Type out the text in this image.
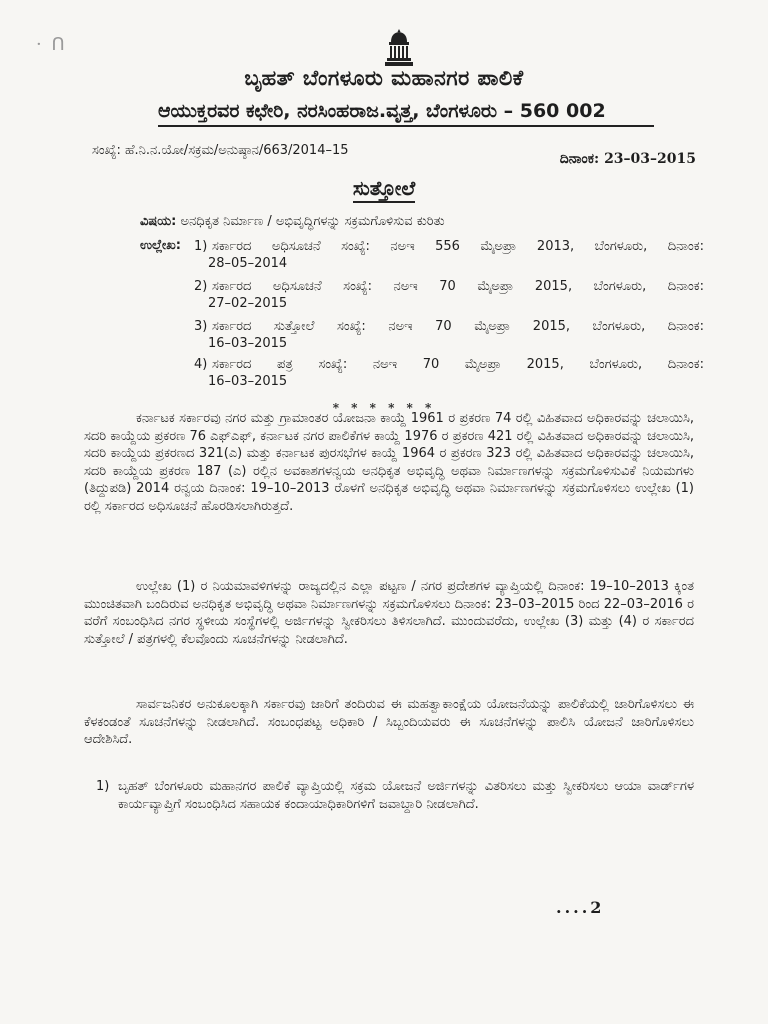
· ᑎ
ಬೃಹತ್ ಬೆಂಗಳೂರು ಮಹಾನಗರ ಪಾಲಿಕೆ
ಆಯುಕ್ತರವರ ಕಛೇರಿ, ನರಸಿಂಹರಾಜ.ವೃತ್ತ, ಬೆಂಗಳೂರು – 560 002
ಸಂಖ್ಯೆ: ಹೆ.ನಿ.ನ.ಯೋ/ಸಕ್ರಮ/ಅನುಷ್ಠಾನ/663/2014–15
ದಿನಾಂಕ: 23–03–2015
ಸುತ್ತೋಲೆ
ವಿಷಯ: ಅನಧಿಕೃತ ನಿರ್ಮಾಣ / ಅಭಿವೃದ್ಧಿಗಳನ್ನು ಸಕ್ರಮಗೊಳಿಸುವ ಕುರಿತು
ಉಲ್ಲೇಖ: 1) ಸರ್ಕಾರದ ಅಧಿಸೂಚನೆ ಸಂಖ್ಯೆ: ನಅಇ 556 ಮೈಅಪ್ರಾ 2013, ಬೆಂಗಳೂರು, ದಿನಾಂಕ:
28–05–2014
2) ಸರ್ಕಾರದ ಅಧಿಸೂಚನೆ ಸಂಖ್ಯೆ: ನಅಇ 70 ಮೈಅಪ್ರಾ 2015, ಬೆಂಗಳೂರು, ದಿನಾಂಕ:
27–02–2015
3) ಸರ್ಕಾರದ ಸುತ್ತೋಲೆ ಸಂಖ್ಯೆ: ನಅಇ 70 ಮೈಅಪ್ರಾ 2015, ಬೆಂಗಳೂರು, ದಿನಾಂಕ:
16–03–2015
4) ಸರ್ಕಾರದ ಪತ್ರ ಸಂಖ್ಯೆ: ನಅಇ 70 ಮೈಅಪ್ರಾ 2015, ಬೆಂಗಳೂರು, ದಿನಾಂಕ:
16–03–2015
* * * * * *

ಕರ್ನಾಟಕ ಸರ್ಕಾರವು ನಗರ ಮತ್ತು ಗ್ರಾಮಾಂತರ ಯೋಜನಾ ಕಾಯ್ದೆ 1961 ರ ಪ್ರಕರಣ 74 ರಲ್ಲಿ ವಿಹಿತವಾದ ಅಧಿಕಾರವನ್ನು ಚಲಾಯಿಸಿ, ಸದರಿ ಕಾಯ್ದೆಯ ಪ್ರಕರಣ 76 ಎಫ್‌ಎಫ್, ಕರ್ನಾಟಕ ನಗರ ಪಾಲಿಕೆಗಳ ಕಾಯ್ದೆ 1976 ರ ಪ್ರಕರಣ 421 ರಲ್ಲಿ ವಿಹಿತವಾದ ಅಧಿಕಾರವನ್ನು ಚಲಾಯಿಸಿ, ಸದರಿ ಕಾಯ್ದೆಯ ಪ್ರಕರಣದ 321(ಎ) ಮತ್ತು ಕರ್ನಾಟಕ ಪುರಸಭೆಗಳ ಕಾಯ್ದೆ 1964 ರ ಪ್ರಕರಣ 323 ರಲ್ಲಿ ವಿಹಿತವಾದ ಅಧಿಕಾರವನ್ನು ಚಲಾಯಿಸಿ, ಸದರಿ ಕಾಯ್ದೆಯ ಪ್ರಕರಣ 187 (ಎ) ರಲ್ಲಿನ ಅವಕಾಶಗಳನ್ವಯ ಅನಧಿಕೃತ ಅಭಿವೃದ್ಧಿ ಅಥವಾ ನಿರ್ಮಾಣಗಳನ್ನು ಸಕ್ರಮಗೊಳಿಸುವಿಕೆ ನಿಯಮಗಳು (ತಿದ್ದುಪಡಿ) 2014 ರನ್ವಯ ದಿನಾಂಕ: 19–10–2013 ರೊಳಗೆ ಅನಧಿಕೃತ ಅಭಿವೃದ್ಧಿ ಅಥವಾ ನಿರ್ಮಾಣಗಳನ್ನು ಸಕ್ರಮಗೊಳಿಸಲು ಉಲ್ಲೇಖ (1) ರಲ್ಲಿ ಸರ್ಕಾರದ ಅಧಿಸೂಚನೆ ಹೊರಡಿಸಲಾಗಿರುತ್ತದೆ.

ಉಲ್ಲೇಖ (1) ರ ನಿಯಮಾವಳಿಗಳನ್ನು ರಾಜ್ಯದಲ್ಲಿನ ಎಲ್ಲಾ ಪಟ್ಟಣ / ನಗರ ಪ್ರದೇಶಗಳ ವ್ಯಾಪ್ತಿಯಲ್ಲಿ ದಿನಾಂಕ: 19–10–2013 ಕ್ಕಿಂತ ಮುಂಚಿತವಾಗಿ ಬಂದಿರುವ ಅನಧಿಕೃತ ಅಭಿವೃದ್ಧಿ ಅಥವಾ ನಿರ್ಮಾಣಗಳನ್ನು ಸಕ್ರಮಗೊಳಿಸಲು ದಿನಾಂಕ: 23–03–2015 ರಿಂದ 22–03–2016 ರ ವರೆಗೆ ಸಂಬಂಧಿಸಿದ ನಗರ ಸ್ಥಳೀಯ ಸಂಸ್ಥೆಗಳಲ್ಲಿ ಅರ್ಜಿಗಳನ್ನು ಸ್ವೀಕರಿಸಲು ತಿಳಿಸಲಾಗಿದೆ. ಮುಂದುವರೆದು, ಉಲ್ಲೇಖ (3) ಮತ್ತು (4) ರ ಸರ್ಕಾರದ ಸುತ್ತೋಲೆ / ಪತ್ರಗಳಲ್ಲಿ ಕೆಲವೊಂದು ಸೂಚನೆಗಳನ್ನು ನೀಡಲಾಗಿದೆ.

ಸಾರ್ವಜನಿಕರ ಅನುಕೂಲಕ್ಕಾಗಿ ಸರ್ಕಾರವು ಜಾರಿಗೆ ತಂದಿರುವ ಈ ಮಹತ್ವಾಕಾಂಕ್ಷೆಯ ಯೋಜನೆಯನ್ನು ಪಾಲಿಕೆಯಲ್ಲಿ ಜಾರಿಗೊಳಿಸಲು ಈ ಕೆಳಕಂಡಂತೆ ಸೂಚನೆಗಳನ್ನು ನೀಡಲಾಗಿದೆ. ಸಂಬಂಧಪಟ್ಟ ಅಧಿಕಾರಿ / ಸಿಬ್ಬಂದಿಯವರು ಈ ಸೂಚನೆಗಳನ್ನು ಪಾಲಿಸಿ ಯೋಜನೆ ಜಾರಿಗೊಳಿಸಲು ಆದೇಶಿಸಿದೆ.

1) ಬೃಹತ್ ಬೆಂಗಳೂರು ಮಹಾನಗರ ಪಾಲಿಕೆ ವ್ಯಾಪ್ತಿಯಲ್ಲಿ ಸಕ್ರಮ ಯೋಜನೆ ಅರ್ಜಿಗಳನ್ನು ವಿತರಿಸಲು ಮತ್ತು ಸ್ವೀಕರಿಸಲು ಆಯಾ ವಾರ್ಡ್‌ಗಳ ಕಾರ್ಯವ್ಯಾಪ್ತಿಗೆ ಸಂಬಂಧಿಸಿದ ಸಹಾಯಕ ಕಂದಾಯಾಧಿಕಾರಿಗಳಿಗೆ ಜವಾಬ್ದಾರಿ ನೀಡಲಾಗಿದೆ.
....2
